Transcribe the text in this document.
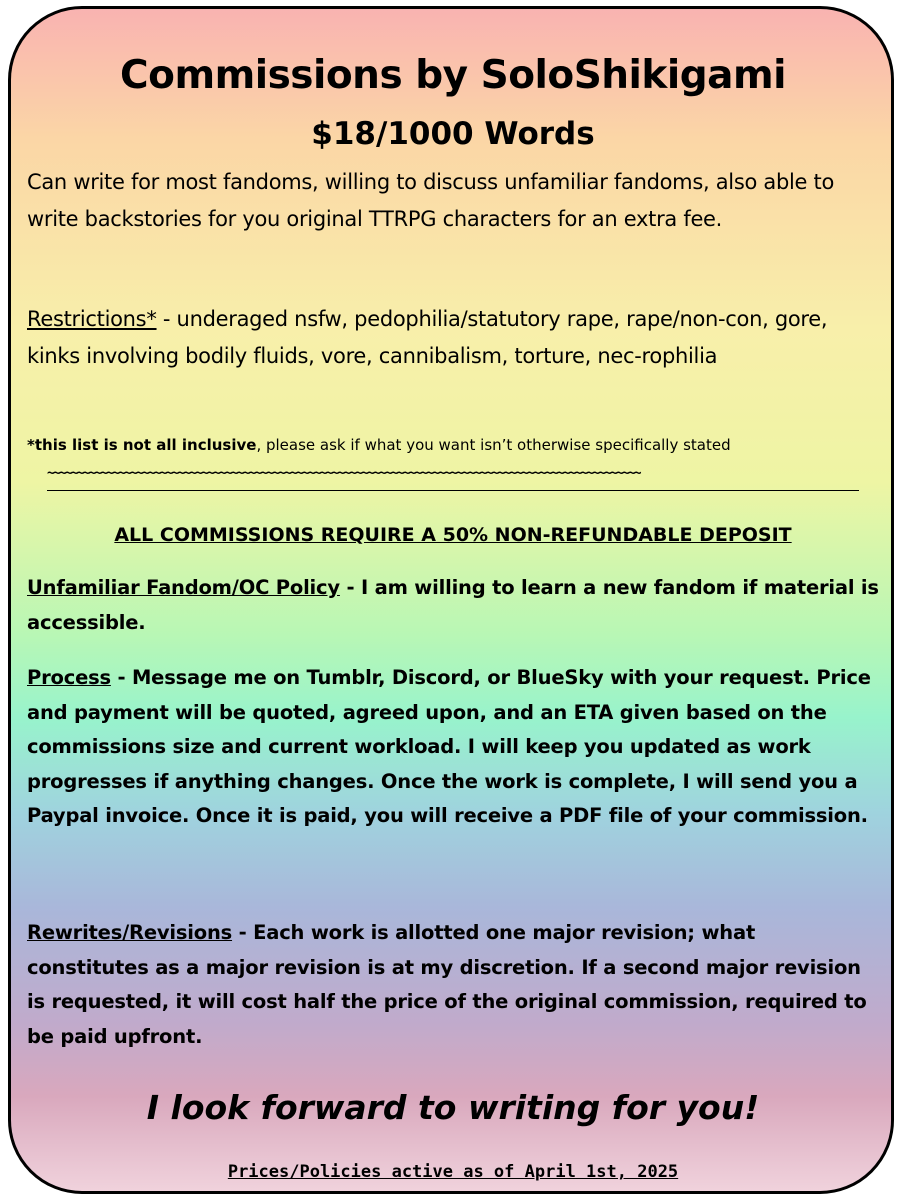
Commissions by SoloShikigami
$18/1000 Words
Can write for most fandoms, willing to discuss unfamiliar fandoms, also able to write backstories for you original TTRPG characters for an extra fee.
Restrictions* - underaged nsfw, pedophilia/statutory rape, rape/non-con, gore, kinks involving bodily fluids, vore, cannibalism, torture, nec-rophilia
*this list is not all inclusive, please ask if what you want isn’t otherwise specifically stated
~~~~~~~~~~~~~~~~~~~~~~~~~~~~~~~~~~~~~~~~~~~~~~~~~~~~~~~~~~~~~~~~~~~~~~~~~~~~~~~~~~~~~~~~~~~~~~~~~~~~
ALL COMMISSIONS REQUIRE A 50% NON-REFUNDABLE DEPOSIT
Unfamiliar Fandom/OC Policy - I am willing to learn a new fandom if material is accessible.
Process - Message me on Tumblr, Discord, or BlueSky with your request. Price and payment will be quoted, agreed upon, and an ETA given based on the commissions size and current workload. I will keep you updated as work progresses if anything changes. Once the work is complete, I will send you a Paypal invoice. Once it is paid, you will receive a PDF file of your commission.
Rewrites/Revisions - Each work is allotted one major revision; what constitutes as a major revision is at my discretion. If a second major revision is requested, it will cost half the price of the original commission, required to be paid upfront.
I look forward to writing for you!
Prices/Policies active as of April 1st, 2025
